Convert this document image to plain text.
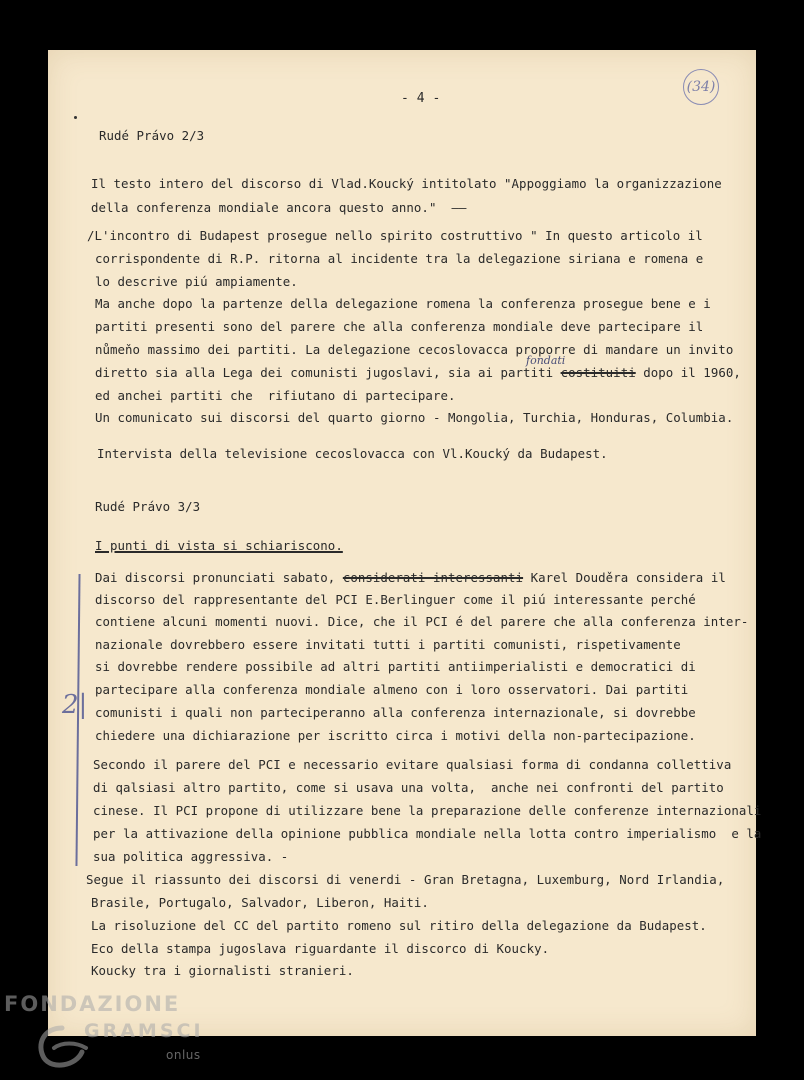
- 4 -
(34)
Rudé Právo 2/3
Il testo intero del discorso di Vlad.Koucký intitolato "Appoggiamo la organizzazione
della conferenza mondiale ancora questo anno."  ——
/L'incontro di Budapest prosegue nello spirito costruttivo " In questo articolo il
corrispondente di R.P. ritorna al incidente tra la delegazione siriana e romena e
lo descrive piú ampiamente.
Ma anche dopo la partenze della delegazione romena la conferenza prosegue bene e i
partiti presenti sono del parere che alla conferenza mondiale deve partecipare il
nůmeňo massimo dei partiti. La delegazione cecoslovacca proporre di mandare un invito
fondati
diretto sia alla Lega dei comunisti jugoslavi, sia ai partiti costituiti dopo il 1960,
ed anchei partiti che  rifiutano di partecipare.
Un comunicato sui discorsi del quarto giorno - Mongolia, Turchia, Honduras, Columbia.
Intervista della televisione cecoslovacca con Vl.Koucký da Budapest.
Rudé Právo 3/3
I punti di vista si schiariscono.
2|
Dai discorsi pronunciati sabato, considerati interessanti Karel Douděra considera il
discorso del rappresentante del PCI E.Berlinguer come il piú interessante perché
contiene alcuni momenti nuovi. Dice, che il PCI é del parere che alla conferenza inter-
nazionale dovrebbero essere invitati tutti i partiti comunisti, rispetivamente
si dovrebbe rendere possibile ad altri partiti antiimperialisti e democratici di
partecipare alla conferenza mondiale almeno con i loro osservatori. Dai partiti
comunisti i quali non parteciperanno alla conferenza internazionale, si dovrebbe
chiedere una dichiarazione per iscritto circa i motivi della non-partecipazione.
Secondo il parere del PCI e necessario evitare qualsiasi forma di condanna collettiva
di qalsiasi altro partito, come si usava una volta,  anche nei confronti del partito
cinese. Il PCI propone di utilizzare bene la preparazione delle conferenze internazionali
per la attivazione della opinione pubblica mondiale nella lotta contro imperialismo  e la
sua politica aggressiva. -
Segue il riassunto dei discorsi di venerdi - Gran Bretagna, Luxemburg, Nord Irlandia,
Brasile, Portugalo, Salvador, Liberon, Haiti.
La risoluzione del CC del partito romeno sul ritiro della delegazione da Budapest.
Eco della stampa jugoslava riguardante il discorco di Koucky.
Koucky tra i giornalisti stranieri.
FONDAZIONE
GRAMSCI
onlus
